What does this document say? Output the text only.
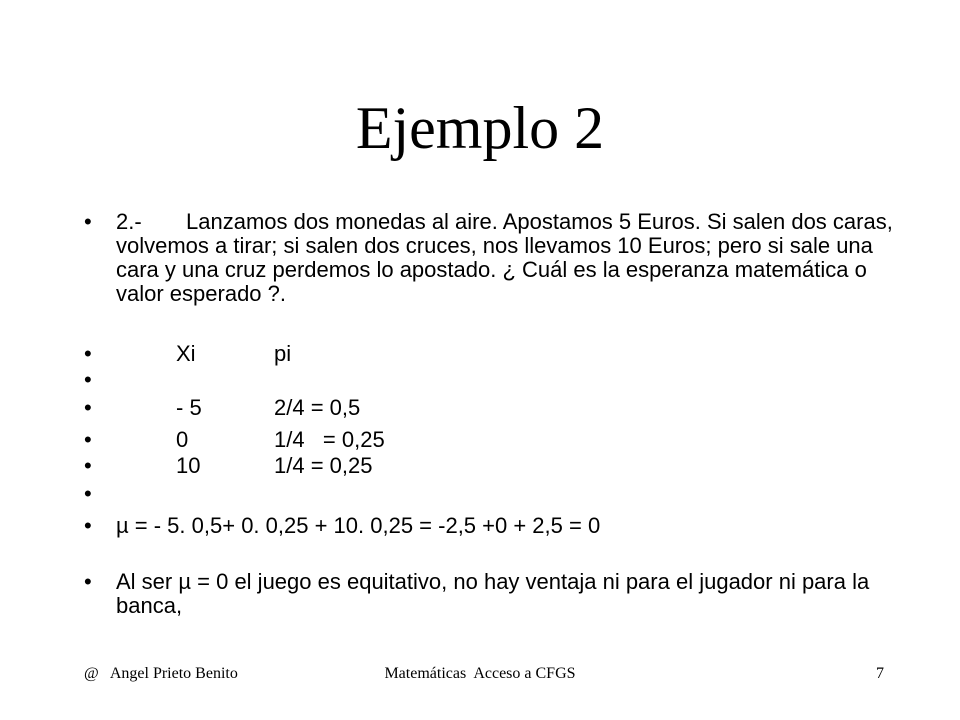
Ejemplo 2
•	2.- Lanzamos dos monedas al aire. Apostamos 5 Euros. Si salen dos caras, volvemos a tirar; si salen dos cruces, nos llevamos 10 Euros; pero si sale una cara y una cruz perdemos lo apostado. ¿ Cuál es la esperanza matemática o valor esperado ?.
•	Xi	pi
•
•	- 5	2/4 = 0,5
•	0	1/4   = 0,25
•	10	1/4 = 0,25
•
•	µ = - 5. 0,5+ 0. 0,25 + 10. 0,25 = -2,5 +0 + 2,5 = 0
•	Al ser µ = 0 el juego es equitativo, no hay ventaja ni para el jugador ni para la banca,
@   Angel Prieto Benito	Matemáticas  Acceso a CFGS	7
